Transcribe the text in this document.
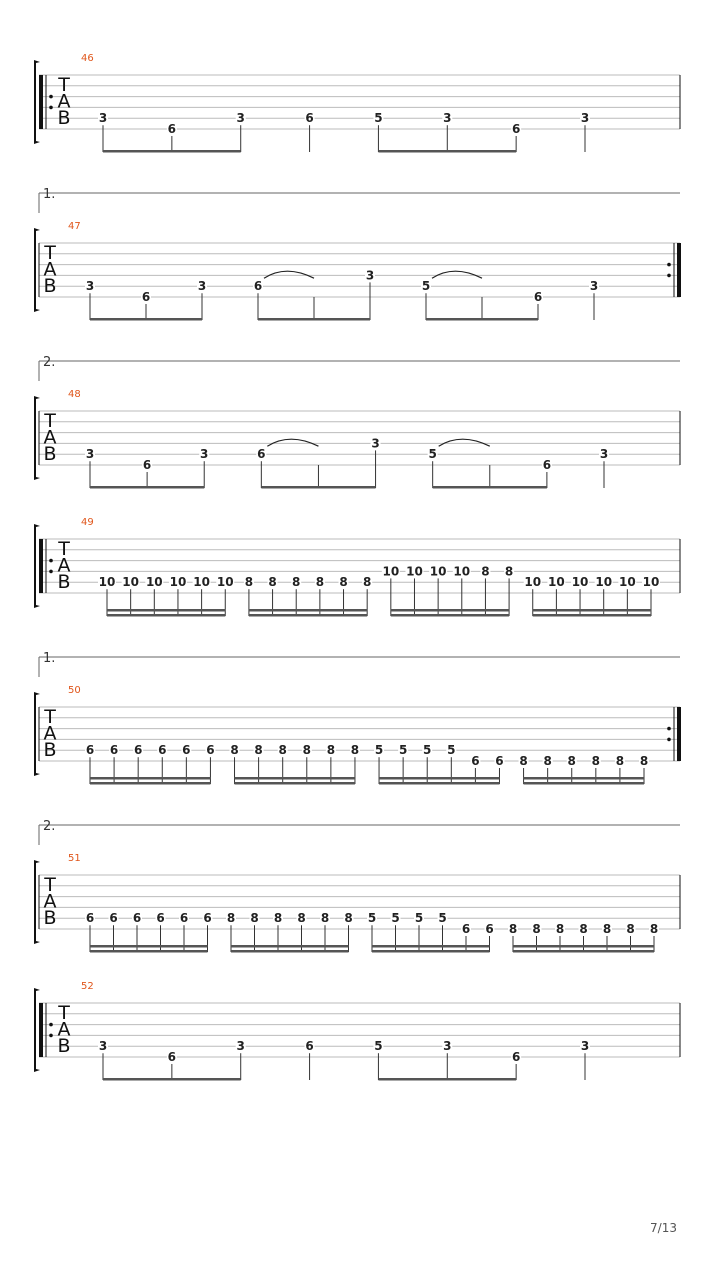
T
A
B
46
3
6
3	6	5	3
6
3
1.
T
A
B
47
3
6
3	6
3
5
6
3
2.
T
A
B
48
3
6
3	6
3
5
6
3
T
A
B
49
10 10 10 10 10 10 8 8 8 8 8 8
10 10 10 10 8 8
10 10 10 10 10 10
1.
T
A
B
50
6 6 6 6 6 6 8 8 8 8 8 8 5 5 5 5
6 6 8 8 8 8 8 8
2.
T
A
B
51
6 6 6 6 6 6 8 8 8 8 8 8 5 5 5 5
6 6 8 8 8 8 8 8 8
T
A
B
52
3
6
3	6	5	3
6
3
7/13
